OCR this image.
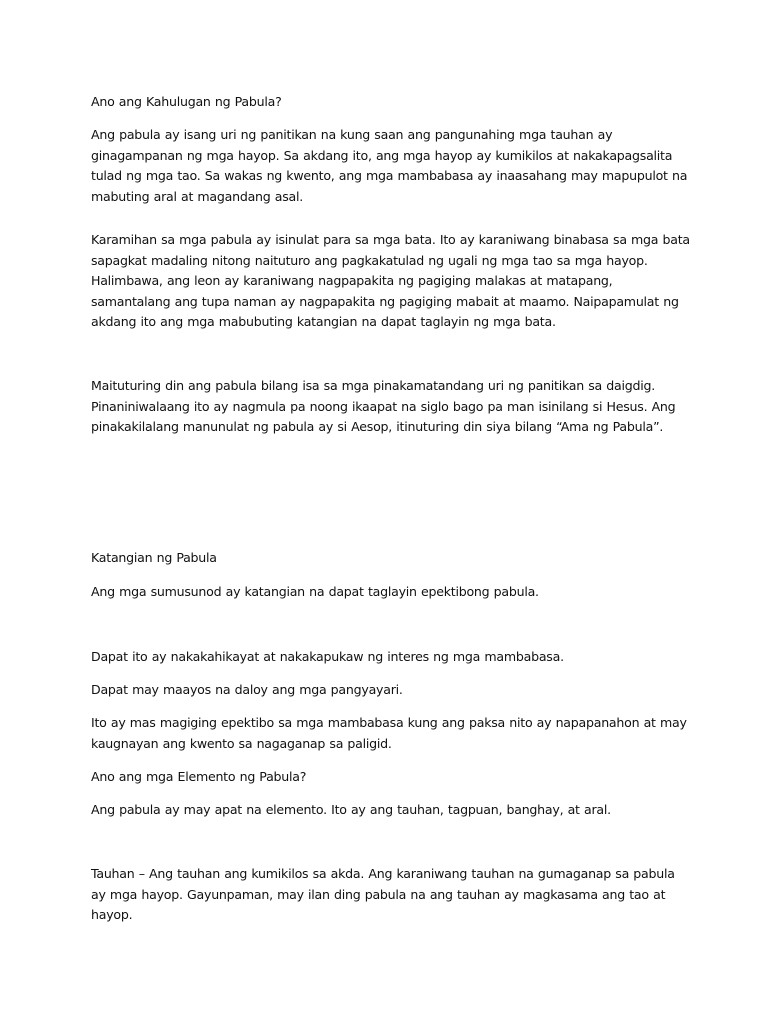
Ano ang Kahulugan ng Pabula?

Ang pabula ay isang uri ng panitikan na kung saan ang pangunahing mga tauhan ay ginagampanan ng mga hayop. Sa akdang ito, ang mga hayop ay kumikilos at nakakapagsalita tulad ng mga tao. Sa wakas ng kwento, ang mga mambabasa ay inaasahang may mapupulot na mabuting aral at magandang asal.

Karamihan sa mga pabula ay isinulat para sa mga bata. Ito ay karaniwang binabasa sa mga bata sapagkat madaling nitong naituturo ang pagkakatulad ng ugali ng mga tao sa mga hayop. Halimbawa, ang leon ay karaniwang nagpapakita ng pagiging malakas at matapang, samantalang ang tupa naman ay nagpapakita ng pagiging mabait at maamo. Naipapamulat ng akdang ito ang mga mabubuting katangian na dapat taglayin ng mga bata.

Maituturing din ang pabula bilang isa sa mga pinakamatandang uri ng panitikan sa daigdig. Pinaniniwalaang ito ay nagmula pa noong ikaapat na siglo bago pa man isinilang si Hesus. Ang pinakakilalang manunulat ng pabula ay si Aesop, itinuturing din siya bilang “Ama ng Pabula”.

Katangian ng Pabula

Ang mga sumusunod ay katangian na dapat taglayin epektibong pabula.

Dapat ito ay nakakahikayat at nakakapukaw ng interes ng mga mambabasa.

Dapat may maayos na daloy ang mga pangyayari.

Ito ay mas magiging epektibo sa mga mambabasa kung ang paksa nito ay napapanahon at may kaugnayan ang kwento sa nagaganap sa paligid.

Ano ang mga Elemento ng Pabula?

Ang pabula ay may apat na elemento. Ito ay ang tauhan, tagpuan, banghay, at aral.

Tauhan – Ang tauhan ang kumikilos sa akda. Ang karaniwang tauhan na gumaganap sa pabula ay mga hayop. Gayunpaman, may ilan ding pabula na ang tauhan ay magkasama ang tao at hayop.
